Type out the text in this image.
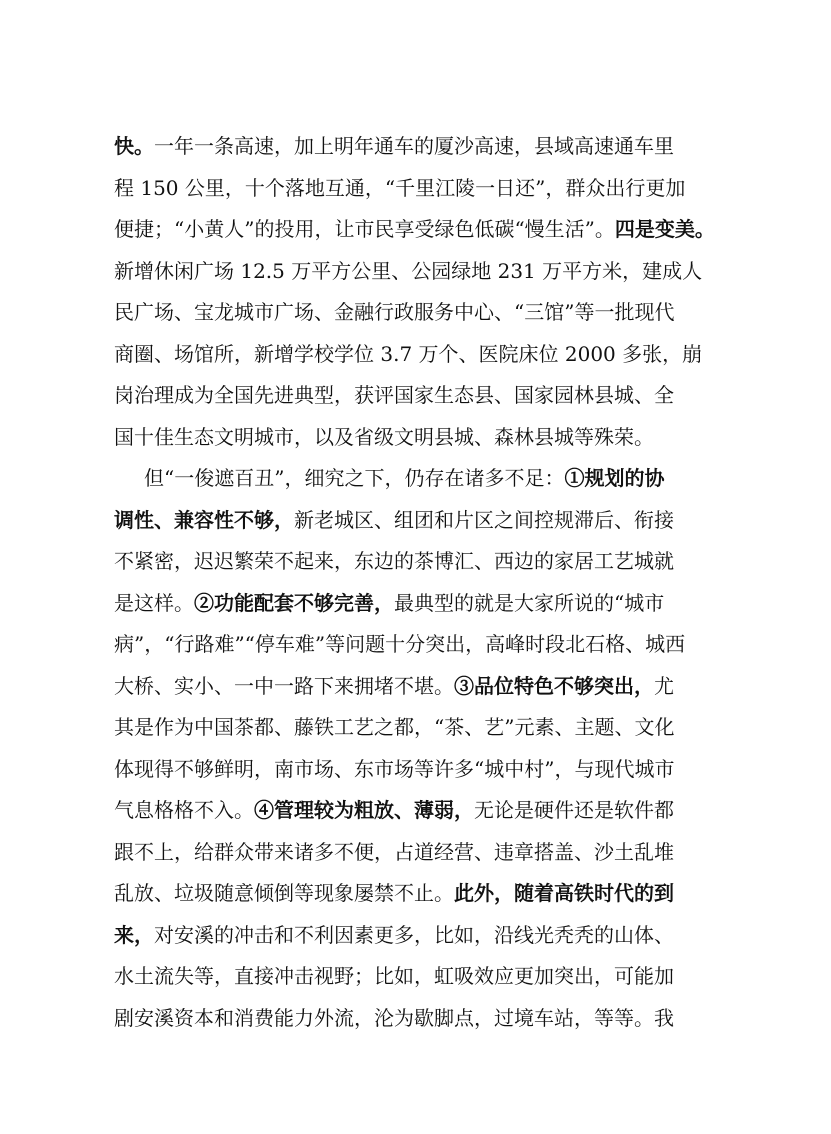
快。一年一条高速，加上明年通车的厦沙高速，县域高速通车里
程 150 公里，十个落地互通，“千里江陵一日还”，群众出行更加
便捷；“小黄人”的投用，让市民享受绿色低碳“慢生活”。四是变美。
新增休闲广场 12.5 万平方公里、公园绿地 231 万平方米，建成人
民广场、宝龙城市广场、金融行政服务中心、“三馆”等一批现代
商圈、场馆所，新增学校学位 3.7 万个、医院床位 2000 多张，崩
岗治理成为全国先进典型，获评国家生态县、国家园林县城、全
国十佳生态文明城市，以及省级文明县城、森林县城等殊荣。
但“一俊遮百丑”，细究之下，仍存在诸多不足：①规划的协
调性、兼容性不够，新老城区、组团和片区之间控规滞后、衔接
不紧密，迟迟繁荣不起来，东边的茶博汇、西边的家居工艺城就
是这样。②功能配套不够完善，最典型的就是大家所说的“城市
病”，“行路难”“停车难”等问题十分突出，高峰时段北石格、城西
大桥、实小、一中一路下来拥堵不堪。③品位特色不够突出，尤
其是作为中国茶都、藤铁工艺之都，“茶、艺”元素、主题、文化
体现得不够鲜明，南市场、东市场等许多“城中村”，与现代城市
气息格格不入。④管理较为粗放、薄弱，无论是硬件还是软件都
跟不上，给群众带来诸多不便，占道经营、违章搭盖、沙土乱堆
乱放、垃圾随意倾倒等现象屡禁不止。此外，随着高铁时代的到
来，对安溪的冲击和不利因素更多，比如，沿线光秃秃的山体、
水土流失等，直接冲击视野；比如，虹吸效应更加突出，可能加
剧安溪资本和消费能力外流，沦为歇脚点，过境车站，等等。我
